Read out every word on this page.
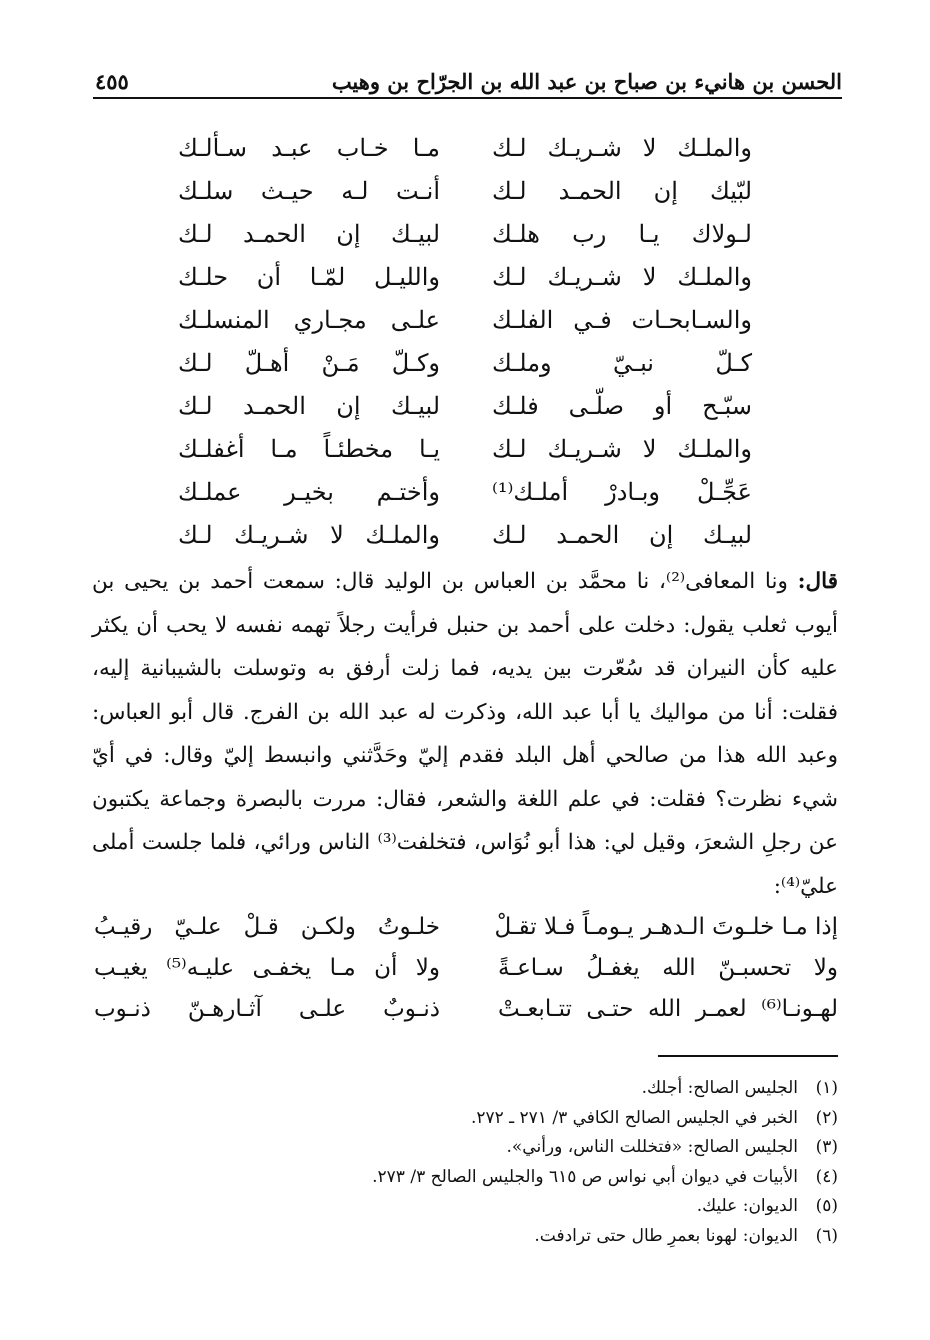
الحسن بن هانيء بن صباح بن عبد الله بن الجرّاح بن وهيب
٤٥٥
والملـك لا شـريـك لـك
مـا خـاب عبـد سـألـك
لبّيك إن الحمـد لـك
أنـت لـه حيـث سلـك
لـولاك يـا رب هلـك
لبيـك إن الحمـد لـك
والملـك لا شـريـك لـك
والليـل لمّـا أن حلـك
والسـابحـات فـي الفلـك
علـى مجـاري المنسلـك
كـلّ نبـيّ وملـك
وكـلّ مَـنْ أهـلّ لـك
سبّـح أو صلّـى فلـك
لبيـك إن الحمـد لـك
والملـك لا شـريـك لـك
يـا مخطئـاً مـا أغفلـك
عَجِّـلْ وبـادرْ أملـك⁽¹⁾
وأختـم بخيـر عملـك
لبيـك إن الحمـد لـك
والملـك لا شـريـك لـك
قال: ونا المعافى⁽²⁾، نا محمَّد بن العباس بن الوليد قال: سمعت أحمد بن يحيى بن أيوب ثعلب يقول: دخلت على أحمد بن حنبل فرأيت رجلاً تهمه نفسه لا يحب أن يكثر عليه كأن النيران قد سُعّرت بين يديه، فما زلت أرفق به وتوسلت بالشيبانية إليه، فقلت: أنا من مواليك يا أبا عبد الله، وذكرت له عبد الله بن الفرج. قال أبو العباس: وعبد الله هذا من صالحي أهل البلد فقدم إليّ وحَدَّثني وانبسط إليّ وقال: في أيّ شيء نظرت؟ فقلت: في علم اللغة والشعر، فقال: مررت بالبصرة وجماعة يكتبون عن رجلِ الشعرَ، وقيل لي: هذا أبو نُوَاس، فتخلفت⁽³⁾ الناس ورائي، فلما جلست أملى عليّ⁽⁴⁾:
إذا مـا خلـوتَ الـدهـر يـومـاً فـلا تقـلْ
خلـوتُ ولكـن قـلْ علـيّ رقيـبُ
ولا تحسبـنّ الله يغفـلُ سـاعـةً
ولا أن مـا يخفـى عليـه⁽⁵⁾ يغيـب
لهـونـا⁽⁶⁾ لعمـر الله حتـى تتـابعـتْ
ذنـوبٌ علـى آثـارهـنّ ذنـوب
(١)
الجليس الصالح: أجلك.
(٢)
الخبر في الجليس الصالح الكافي ٣/ ٢٧١ ـ ٢٧٢.
(٣)
الجليس الصالح: «فتخللت الناس، ورأني».
(٤)
الأبيات في ديوان أبي نواس ص ٦١٥ والجليس الصالح ٣/ ٢٧٣.
(٥)
الديوان: عليك.
(٦)
الديوان: لهونا بعمرِ طال حتى ترادفت.
